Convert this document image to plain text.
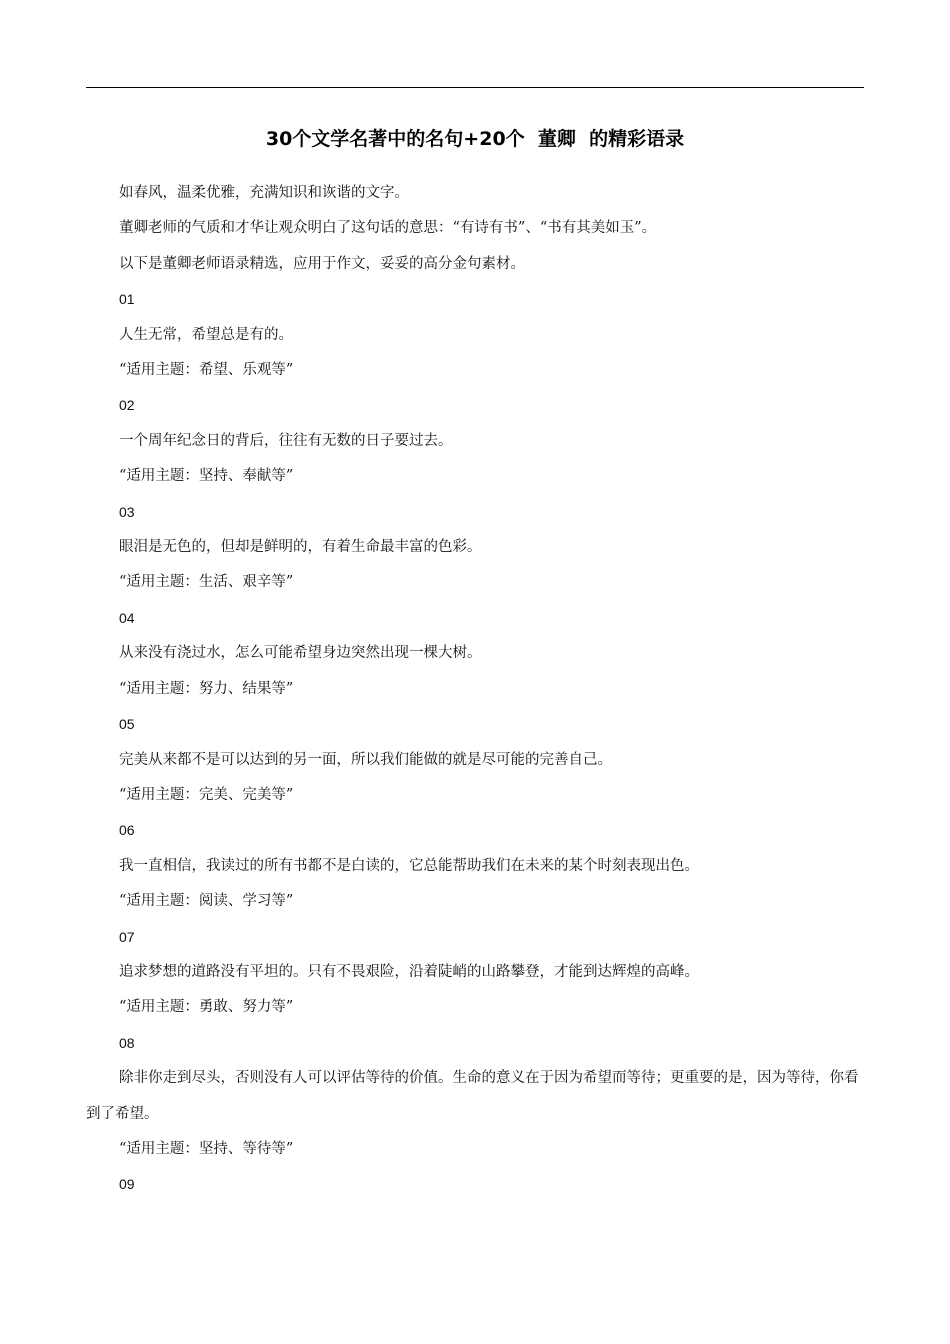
30个文学名著中的名句+20个  董卿  的精彩语录

如春风，温柔优雅，充满知识和诙谐的文字。

董卿老师的气质和才华让观众明白了这句话的意思：“有诗有书”、“书有其美如玉”。

以下是董卿老师语录精选，应用于作文，妥妥的高分金句素材。

01

人生无常，希望总是有的。

“适用主题：希望、乐观等”

02

一个周年纪念日的背后，往往有无数的日子要过去。

“适用主题：坚持、奉献等”

03

眼泪是无色的，但却是鲜明的，有着生命最丰富的色彩。

“适用主题：生活、艰辛等”

04

从来没有浇过水，怎么可能希望身边突然出现一棵大树。

“适用主题：努力、结果等”

05

完美从来都不是可以达到的另一面，所以我们能做的就是尽可能的完善自己。

“适用主题：完美、完美等”

06

我一直相信，我读过的所有书都不是白读的，它总能帮助我们在未来的某个时刻表现出色。

“适用主题：阅读、学习等”

07

追求梦想的道路没有平坦的。只有不畏艰险，沿着陡峭的山路攀登，才能到达辉煌的高峰。

“适用主题：勇敢、努力等”

08

除非你走到尽头，否则没有人可以评估等待的价值。生命的意义在于因为希望而等待；更重要的是，因为等待，你看到了希望。

“适用主题：坚持、等待等”

09
